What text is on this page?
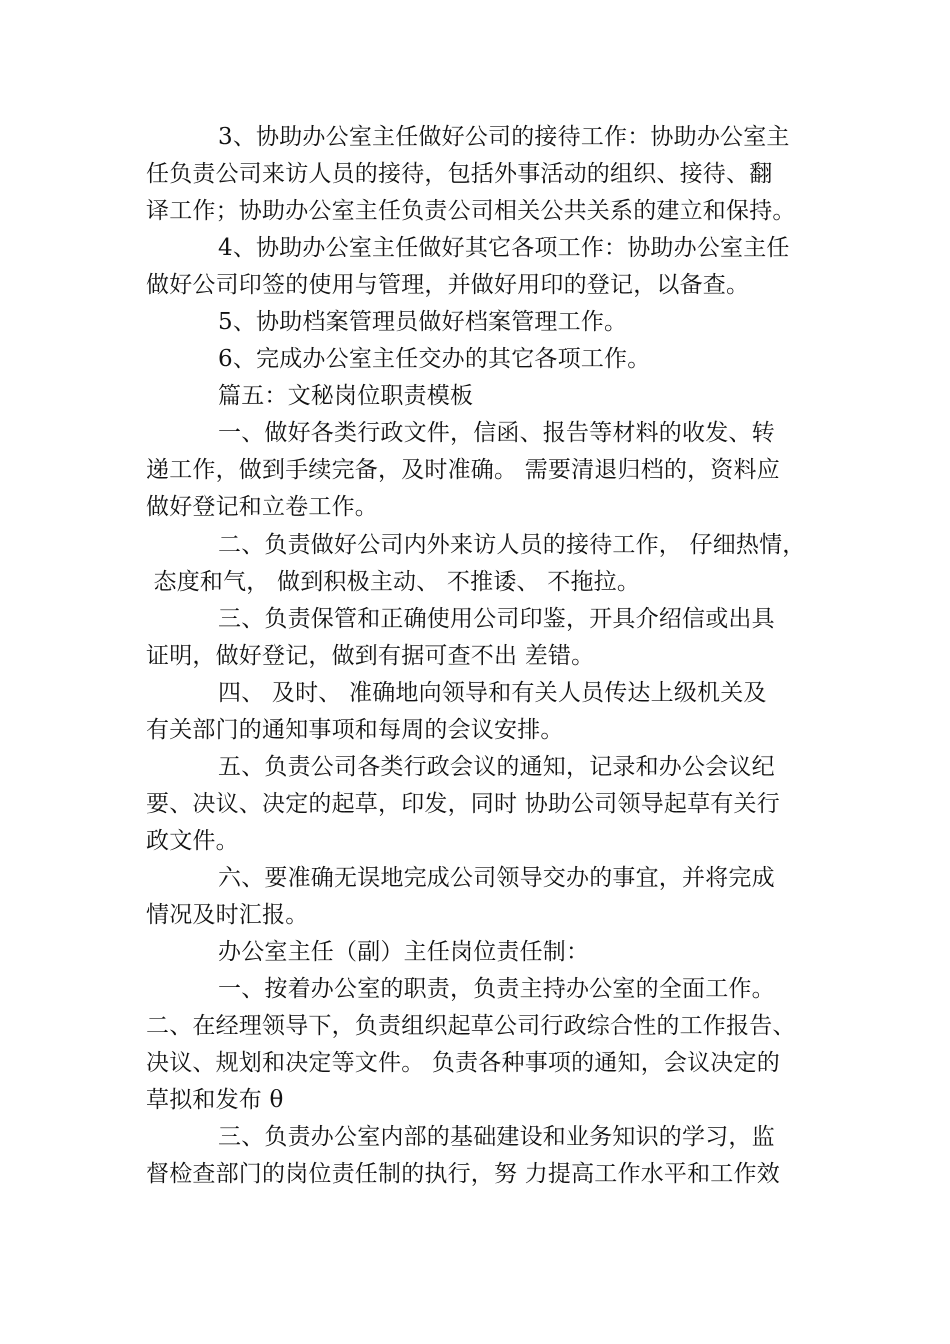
3、协助办公室主任做好公司的接待工作：协助办公室主
任负责公司来访人员的接待，包括外事活动的组织、接待、翻
译工作；协助办公室主任负责公司相关公共关系的建立和保持。
4、协助办公室主任做好其它各项工作：协助办公室主任
做好公司印签的使用与管理，并做好用印的登记，以备查。
5、协助档案管理员做好档案管理工作。
6、完成办公室主任交办的其它各项工作。
篇五：文秘岗位职责模板
一、做好各类行政文件，信函、报告等材料的收发、转
递工作，做到手续完备，及时准确。 需要清退归档的，资料应
做好登记和立卷工作。
二、负责做好公司内外来访人员的接待工作， 仔细热情，
态度和气， 做到积极主动、 不推诿、 不拖拉。
三、负责保管和正确使用公司印鉴，开具介绍信或出具
证明，做好登记，做到有据可查不出 差错。
四、 及时、 准确地向领导和有关人员传达上级机关及
有关部门的通知事项和每周的会议安排。
五、负责公司各类行政会议的通知，记录和办公会议纪
要、决议、决定的起草，印发，同时 协助公司领导起草有关行
政文件。
六、要准确无误地完成公司领导交办的事宜，并将完成
情况及时汇报。
办公室主任（副）主任岗位责任制：
一、按着办公室的职责，负责主持办公室的全面工作。
二、在经理领导下，负责组织起草公司行政综合性的工作报告、
决议、规划和决定等文件。 负责各种事项的通知，会议决定的
草拟和发布 θ
三、负责办公室内部的基础建设和业务知识的学习，监
督检查部门的岗位责任制的执行，努 力提高工作水平和工作效
